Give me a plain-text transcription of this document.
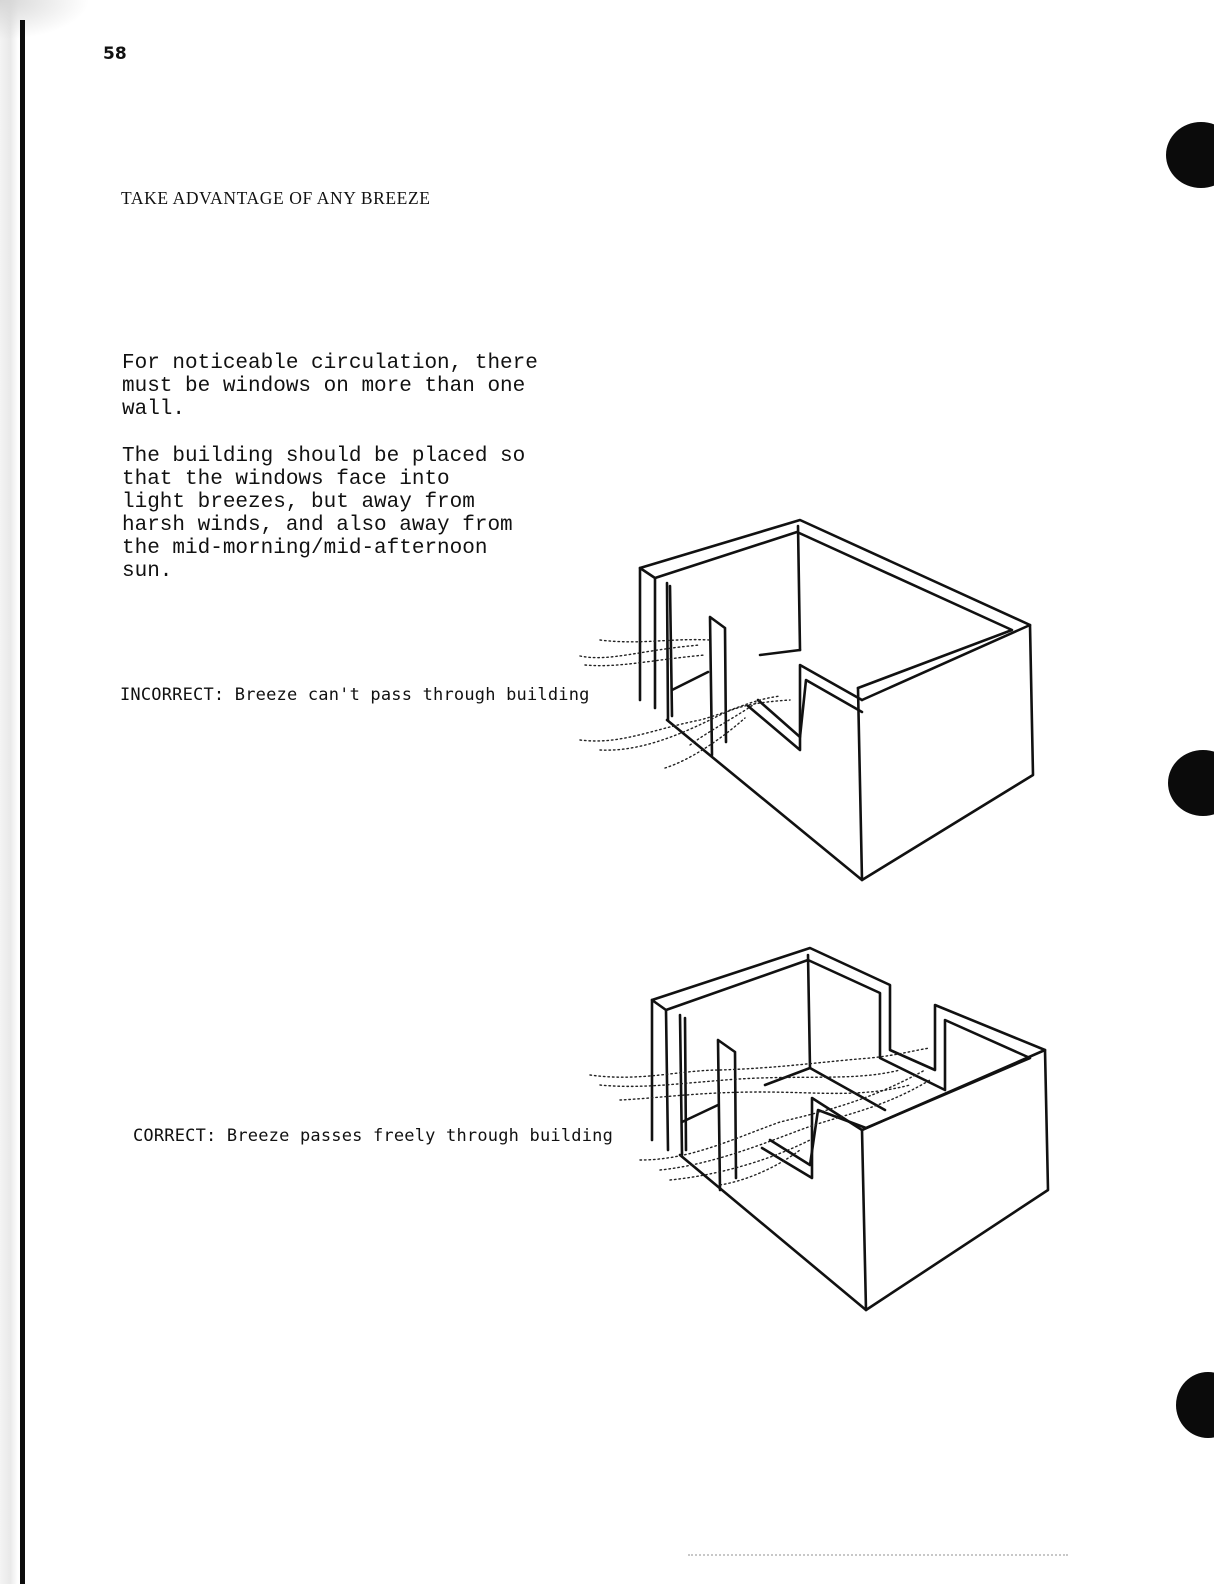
58
TAKE ADVANTAGE OF ANY BREEZE
For noticeable circulation, there
must be windows on more than one
wall.
The building should be placed so
that the windows face into
light breezes, but away from
harsh winds, and also away from
the mid-morning/mid-afternoon
sun.
INCORRECT: Breeze can't pass through building
CORRECT: Breeze passes freely through building
